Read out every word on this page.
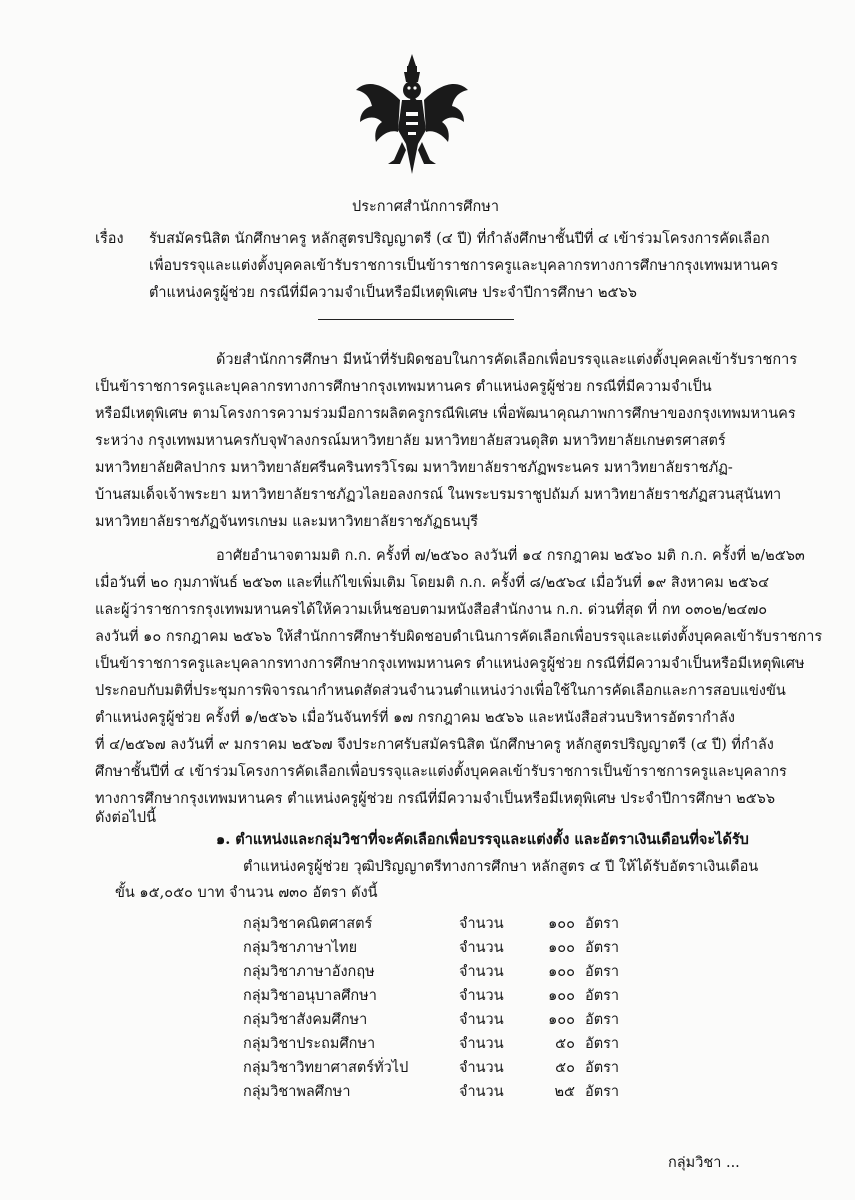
ประกาศสำนักการศึกษา
เรื่อง รับสมัครนิสิต นักศึกษาครู หลักสูตรปริญญาตรี (๔ ปี) ที่กำลังศึกษาชั้นปีที่ ๔ เข้าร่วมโครงการคัดเลือก
เพื่อบรรจุและแต่งตั้งบุคคลเข้ารับราชการเป็นข้าราชการครูและบุคลากรทางการศึกษากรุงเทพมหานคร
ตำแหน่งครูผู้ช่วย กรณีที่มีความจำเป็นหรือมีเหตุพิเศษ ประจำปีการศึกษา ๒๕๖๖
ด้วยสำนักการศึกษา มีหน้าที่รับผิดชอบในการคัดเลือกเพื่อบรรจุและแต่งตั้งบุคคลเข้ารับราชการ
เป็นข้าราชการครูและบุคลากรทางการศึกษากรุงเทพมหานคร ตำแหน่งครูผู้ช่วย กรณีที่มีความจำเป็น
หรือมีเหตุพิเศษ ตามโครงการความร่วมมือการผลิตครูกรณีพิเศษ เพื่อพัฒนาคุณภาพการศึกษาของกรุงเทพมหานคร
ระหว่าง กรุงเทพมหานครกับจุฬาลงกรณ์มหาวิทยาลัย มหาวิทยาลัยสวนดุสิต มหาวิทยาลัยเกษตรศาสตร์
มหาวิทยาลัยศิลปากร มหาวิทยาลัยศรีนครินทรวิโรฒ มหาวิทยาลัยราชภัฏพระนคร มหาวิทยาลัยราชภัฏ-
บ้านสมเด็จเจ้าพระยา มหาวิทยาลัยราชภัฏวไลยอลงกรณ์ ในพระบรมราชูปถัมภ์ มหาวิทยาลัยราชภัฏสวนสุนันทา
มหาวิทยาลัยราชภัฏจันทรเกษม และมหาวิทยาลัยราชภัฏธนบุรี
อาศัยอำนาจตามมติ ก.ก. ครั้งที่ ๗/๒๕๖๐ ลงวันที่ ๑๔ กรกฎาคม ๒๕๖๐ มติ ก.ก. ครั้งที่ ๒/๒๕๖๓
เมื่อวันที่ ๒๐ กุมภาพันธ์ ๒๕๖๓ และที่แก้ไขเพิ่มเติม โดยมติ ก.ก. ครั้งที่ ๘/๒๕๖๔ เมื่อวันที่ ๑๙ สิงหาคม ๒๕๖๔
และผู้ว่าราชการกรุงเทพมหานครได้ให้ความเห็นชอบตามหนังสือสำนักงาน ก.ก. ด่วนที่สุด ที่ กท ๐๓๐๒/๒๔๗๐
ลงวันที่ ๑๐ กรกฎาคม ๒๕๖๖ ให้สำนักการศึกษารับผิดชอบดำเนินการคัดเลือกเพื่อบรรจุและแต่งตั้งบุคคลเข้ารับราชการ
เป็นข้าราชการครูและบุคลากรทางการศึกษากรุงเทพมหานคร ตำแหน่งครูผู้ช่วย กรณีที่มีความจำเป็นหรือมีเหตุพิเศษ
ประกอบกับมติที่ประชุมการพิจารณากำหนดสัดส่วนจำนวนตำแหน่งว่างเพื่อใช้ในการคัดเลือกและการสอบแข่งขัน
ตำแหน่งครูผู้ช่วย ครั้งที่ ๑/๒๕๖๖ เมื่อวันจันทร์ที่ ๑๗ กรกฎาคม ๒๕๖๖ และหนังสือส่วนบริหารอัตรากำลัง
ที่ ๔/๒๕๖๗ ลงวันที่ ๙ มกราคม ๒๕๖๗ จึงประกาศรับสมัครนิสิต นักศึกษาครู หลักสูตรปริญญาตรี (๔ ปี) ที่กำลัง
ศึกษาชั้นปีที่ ๔ เข้าร่วมโครงการคัดเลือกเพื่อบรรจุและแต่งตั้งบุคคลเข้ารับราชการเป็นข้าราชการครูและบุคลากร
ทางการศึกษากรุงเทพมหานคร ตำแหน่งครูผู้ช่วย กรณีที่มีความจำเป็นหรือมีเหตุพิเศษ ประจำปีการศึกษา ๒๕๖๖
ดังต่อไปนี้
๑. ตำแหน่งและกลุ่มวิชาที่จะคัดเลือกเพื่อบรรจุและแต่งตั้ง และอัตราเงินเดือนที่จะได้รับ
ตำแหน่งครูผู้ช่วย วุฒิปริญญาตรีทางการศึกษา หลักสูตร ๔ ปี ให้ได้รับอัตราเงินเดือน
ขั้น ๑๕,๐๕๐ บาท จำนวน ๗๓๐ อัตรา ดังนี้
กลุ่มวิชาคณิตศาสตร์	จำนวน	๑๐๐ อัตรา
กลุ่มวิชาภาษาไทย	จำนวน	๑๐๐ อัตรา
กลุ่มวิชาภาษาอังกฤษ	จำนวน	๑๐๐ อัตรา
กลุ่มวิชาอนุบาลศึกษา	จำนวน	๑๐๐ อัตรา
กลุ่มวิชาสังคมศึกษา	จำนวน	๑๐๐ อัตรา
กลุ่มวิชาประถมศึกษา	จำนวน	๕๐ อัตรา
กลุ่มวิชาวิทยาศาสตร์ทั่วไป	จำนวน	๕๐ อัตรา
กลุ่มวิชาพลศึกษา	จำนวน	๒๕ อัตรา
กลุ่มวิชา ...
